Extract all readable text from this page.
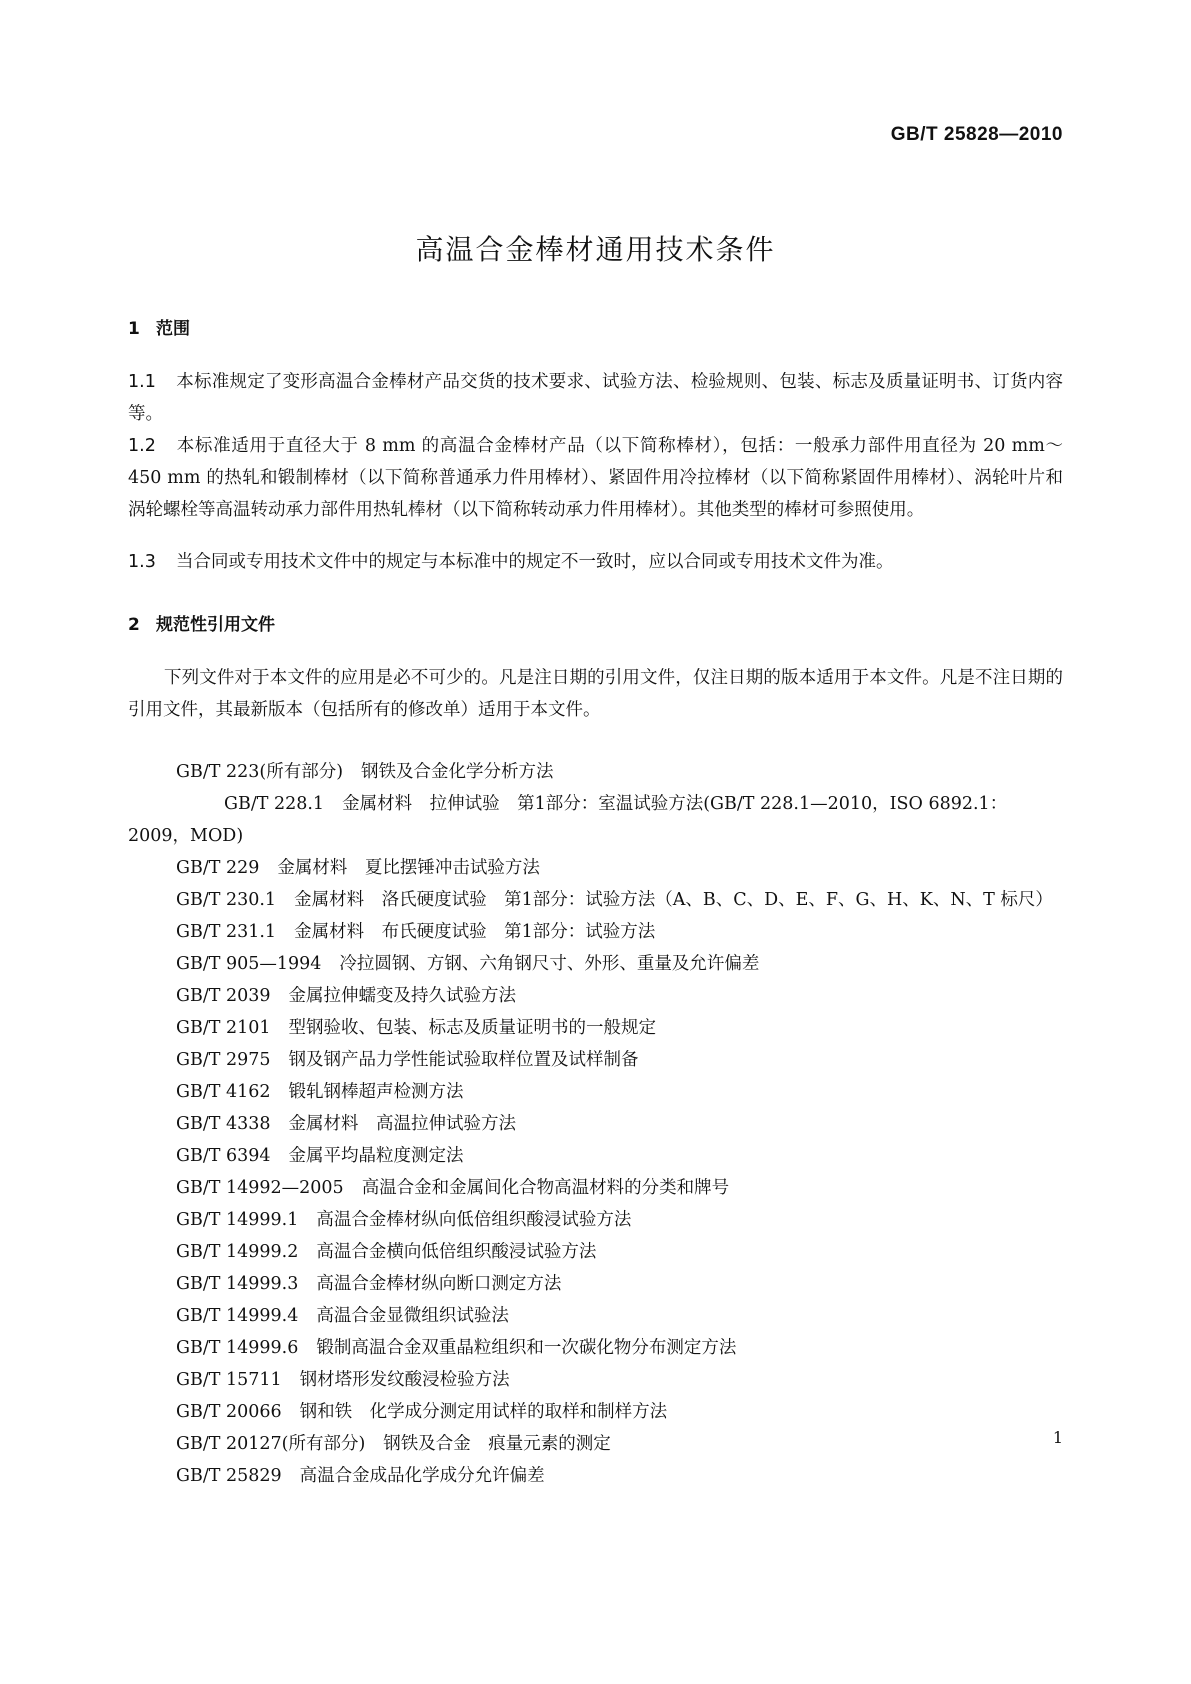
GB/T 25828—2010
高温合金棒材通用技术条件
1 范围
1.1 本标准规定了变形高温合金棒材产品交货的技术要求、试验方法、检验规则、包装、标志及质量证明书、订货内容等。
1.2 本标准适用于直径大于 8 mm 的高温合金棒材产品（以下简称棒材），包括：一般承力部件用直径为 20 mm～450 mm 的热轧和锻制棒材（以下简称普通承力件用棒材）、紧固件用冷拉棒材（以下简称紧固件用棒材）、涡轮叶片和涡轮螺栓等高温转动承力部件用热轧棒材（以下简称转动承力件用棒材）。其他类型的棒材可参照使用。
1.3 当合同或专用技术文件中的规定与本标准中的规定不一致时，应以合同或专用技术文件为准。
2 规范性引用文件
下列文件对于本文件的应用是必不可少的。凡是注日期的引用文件，仅注日期的版本适用于本文件。凡是不注日期的引用文件，其最新版本（包括所有的修改单）适用于本文件。
GB/T 223(所有部分) 钢铁及合金化学分析方法
GB/T 228.1 金属材料　拉伸试验　第1部分：室温试验方法(GB/T 228.1—2010，ISO 6892.1：2009，MOD)
GB/T 229 金属材料　夏比摆锤冲击试验方法
GB/T 230.1 金属材料　洛氏硬度试验　第1部分：试验方法（A、B、C、D、E、F、G、H、K、N、T 标尺）
GB/T 231.1 金属材料　布氏硬度试验　第1部分：试验方法
GB/T 905—1994 冷拉圆钢、方钢、六角钢尺寸、外形、重量及允许偏差
GB/T 2039 金属拉伸蠕变及持久试验方法
GB/T 2101 型钢验收、包装、标志及质量证明书的一般规定
GB/T 2975 钢及钢产品力学性能试验取样位置及试样制备
GB/T 4162 锻轧钢棒超声检测方法
GB/T 4338 金属材料　高温拉伸试验方法
GB/T 6394 金属平均晶粒度测定法
GB/T 14992—2005 高温合金和金属间化合物高温材料的分类和牌号
GB/T 14999.1 高温合金棒材纵向低倍组织酸浸试验方法
GB/T 14999.2 高温合金横向低倍组织酸浸试验方法
GB/T 14999.3 高温合金棒材纵向断口测定方法
GB/T 14999.4 高温合金显微组织试验法
GB/T 14999.6 锻制高温合金双重晶粒组织和一次碳化物分布测定方法
GB/T 15711 钢材塔形发纹酸浸检验方法
GB/T 20066 钢和铁　化学成分测定用试样的取样和制样方法
GB/T 20127(所有部分) 钢铁及合金　痕量元素的测定
GB/T 25829 高温合金成品化学成分允许偏差
1
